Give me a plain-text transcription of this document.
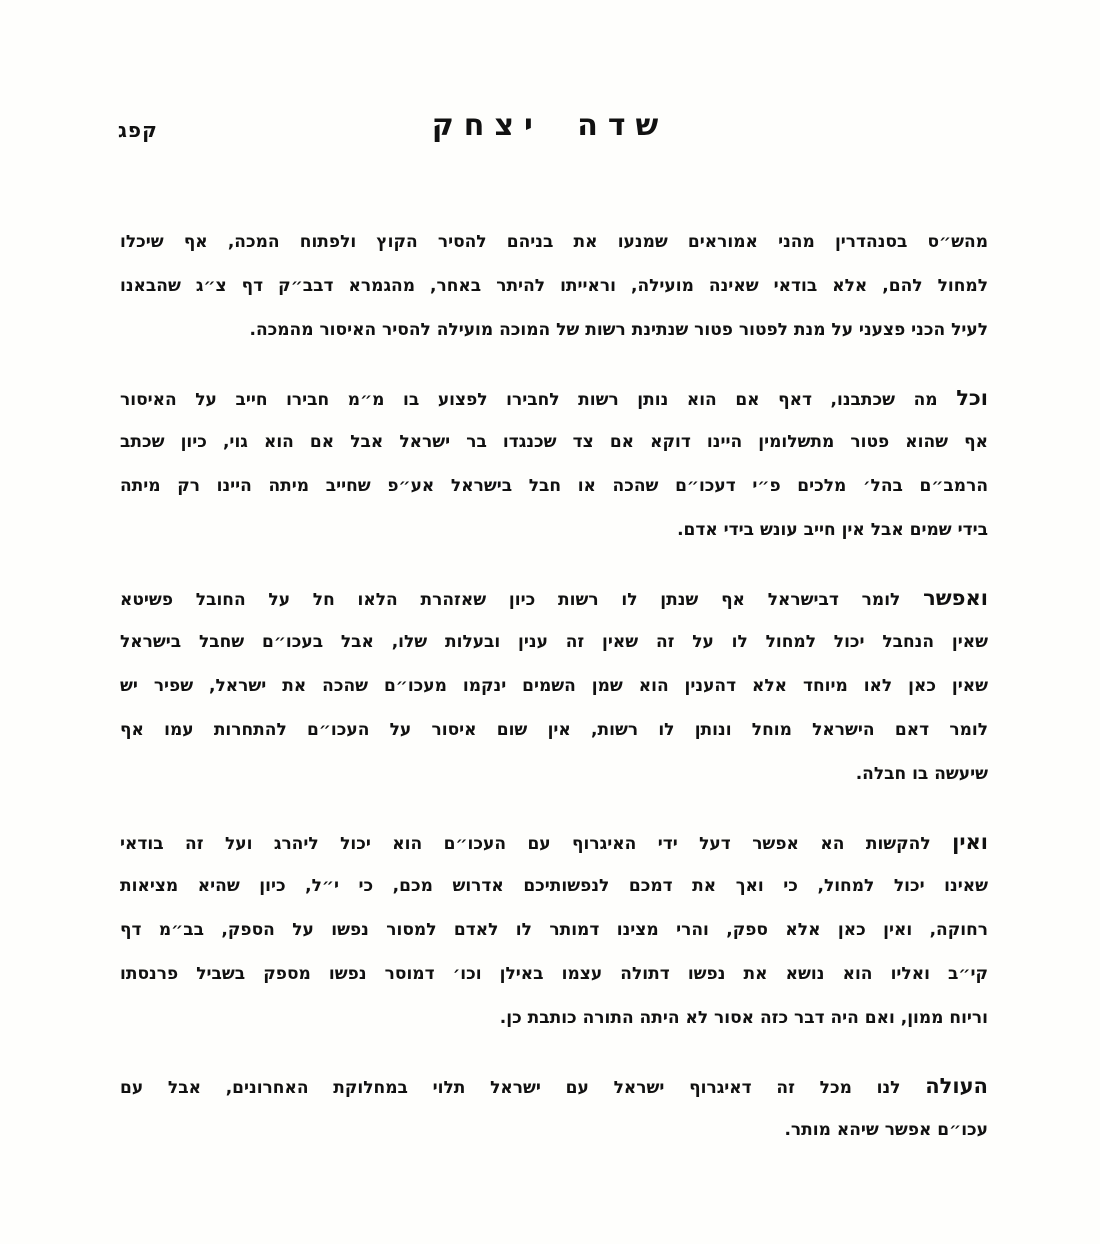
שדה יצחק
קפג
מהש״ס בסנהדרין מהני אמוראים שמנעו את בניהם להסיר הקוץ ולפתוח המכה, אף שיכלו
למחול להם, אלא בודאי שאינה מועילה, וראייתו להיתר באחר, מהגמרא דבב״ק דף צ״ג שהבאנו
לעיל הכני פצעני על מנת לפטור פטור שנתינת רשות של המוכה מועילה להסיר האיסור מהמכה.
וכל מה שכתבנו, דאף אם הוא נותן רשות לחבירו לפצוע בו מ״מ חבירו חייב על האיסור
אף שהוא פטור מתשלומין היינו דוקא אם צד שכנגדו בר ישראל אבל אם הוא גוי, כיון שכתב
הרמב״ם בהל׳ מלכים פ״י דעכו״ם שהכה או חבל בישראל אע״פ שחייב מיתה היינו רק מיתה
בידי שמים אבל אין חייב עונש בידי אדם.
ואפשר לומר דבישראל אף שנתן לו רשות כיון שאזהרת הלאו חל על החובל פשיטא
שאין הנחבל יכול למחול לו על זה שאין זה ענין ובעלות שלו, אבל בעכו״ם שחבל בישראל
שאין כאן לאו מיוחד אלא דהענין הוא שמן השמים ינקמו מעכו״ם שהכה את ישראל, שפיר יש
לומר דאם הישראל מוחל ונותן לו רשות, אין שום איסור על העכו״ם להתחרות עמו אף
שיעשה בו חבלה.
ואין להקשות הא אפשר דעל ידי האיגרוף עם העכו״ם הוא יכול ליהרג ועל זה בודאי
שאינו יכול למחול, כי ואך את דמכם לנפשותיכם אדרוש מכם, כי י״ל, כיון שהיא מציאות
רחוקה, ואין כאן אלא ספק, והרי מצינו דמותר לו לאדם למסור נפשו על הספק, בב״מ דף
קי״ב ואליו הוא נושא את נפשו דתולה עצמו באילן וכו׳ דמוסר נפשו מספק בשביל פרנסתו
וריוח ממון, ואם היה דבר כזה אסור לא היתה התורה כותבת כן.
העולה לנו מכל זה דאיגרוף ישראל עם ישראל תלוי במחלוקת האחרונים, אבל עם
עכו״ם אפשר שיהא מותר.
